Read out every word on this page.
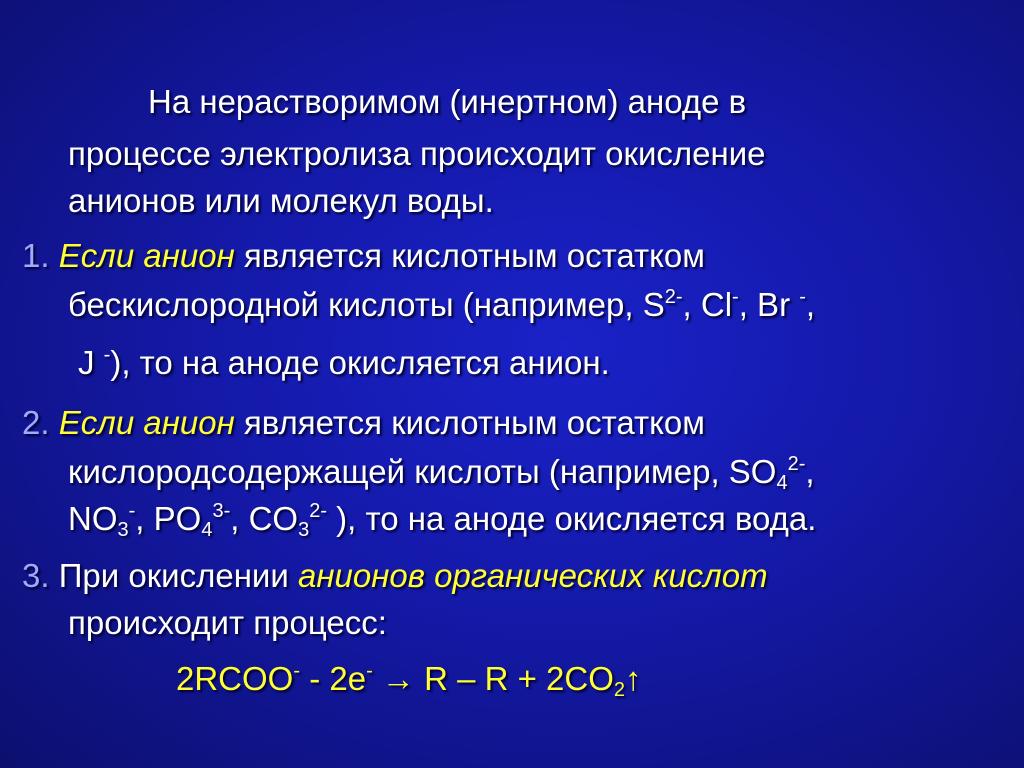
На нерастворимом (инертном) аноде в
процессе электролиза происходит окисление
анионов или молекул воды.
1. Если анион является кислотным остатком
бескислородной кислоты (например, $S^{2-}$, Cl-, Br -,
J -), то на аноде окисляется анион.
2. Если анион является кислотным остатком
кислородсодержащей кислоты (например, $SO_4^{2-}$,
$NO_3^-$, $PO_4^{3-}$, $CO_3^{2-}$ ), то на аноде окисляется вода.
3. При окислении анионов органических кислот
происходит процесс:
2RCOO- - $2e^- \to R - R + 2CO_2↑$
